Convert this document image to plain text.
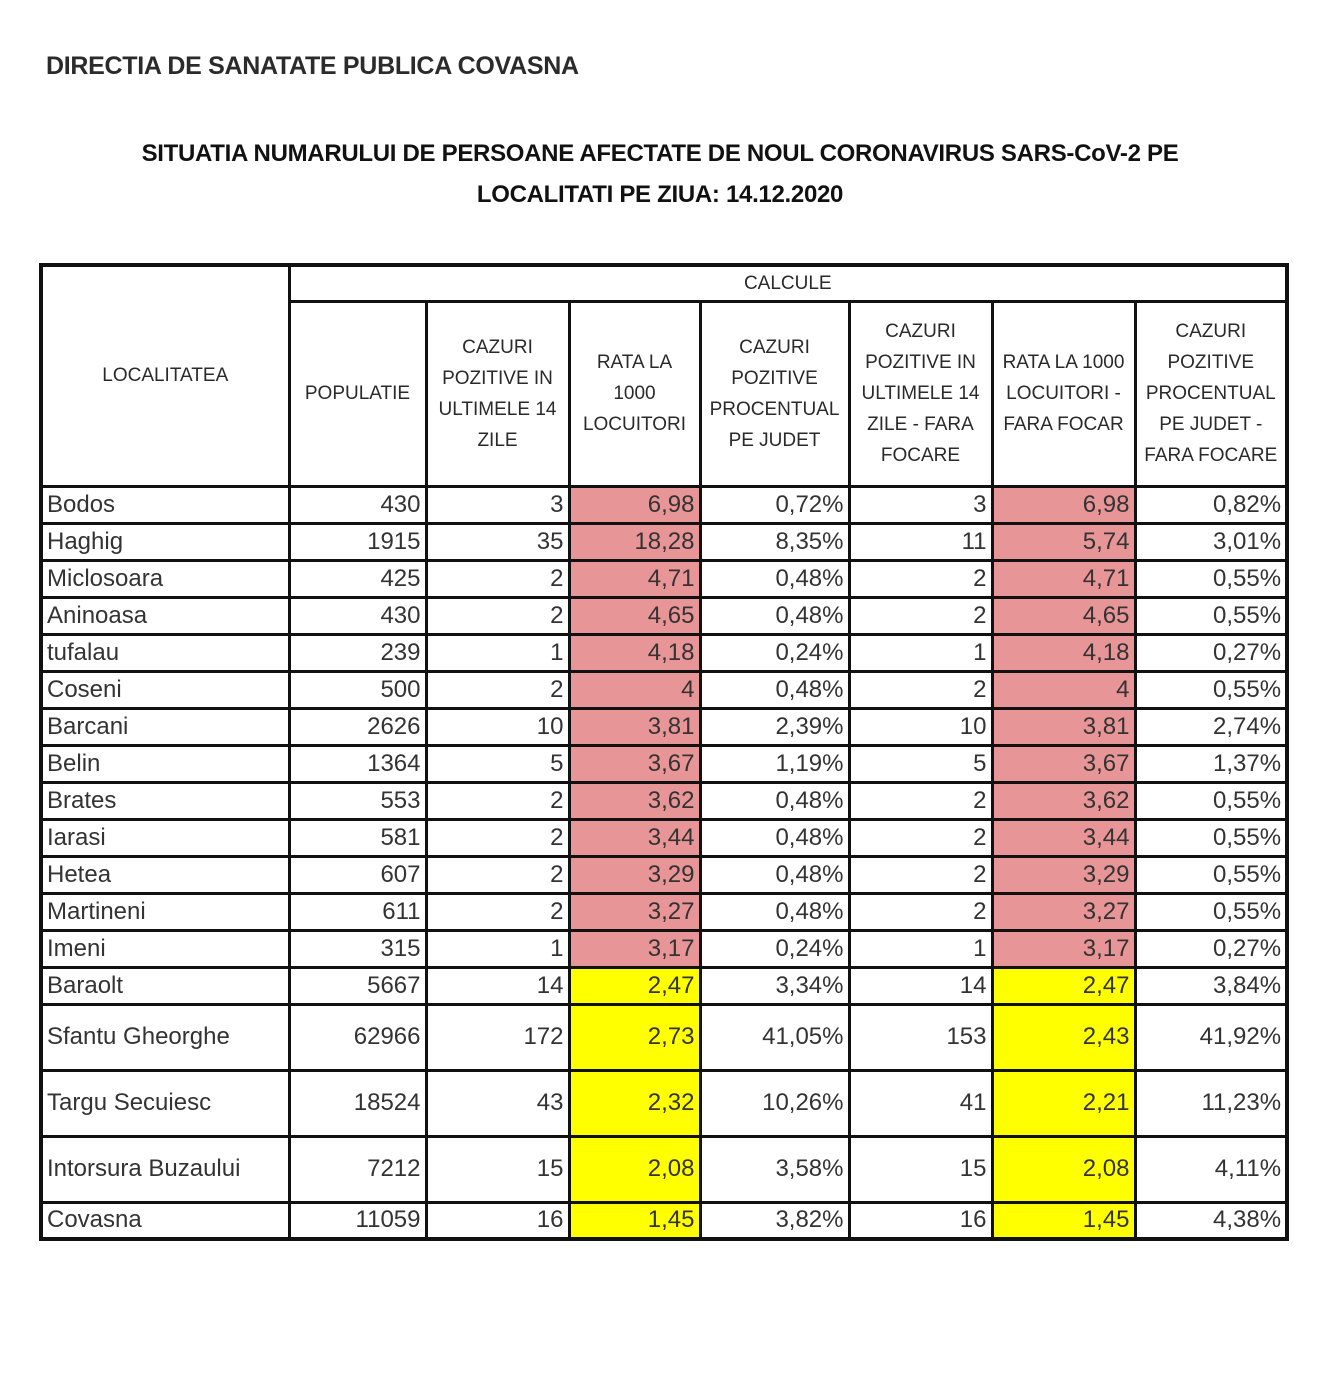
DIRECTIA DE SANATATE PUBLICA COVASNA
SITUATIA NUMARULUI DE PERSOANE AFECTATE DE NOUL CORONAVIRUS SARS-CoV-2 PE
LOCALITATI PE ZIUA: 14.12.2020
LOCALITATEA	CALCULE						
	POPULATIE	CAZURI POZITIVE IN ULTIMELE 14 ZILE	RATA LA 1000 LOCUITORI	CAZURI POZITIVE PROCENTUAL PE JUDET	CAZURI POZITIVE IN ULTIMELE 14 ZILE - FARA FOCARE	RATA LA 1000 LOCUITORI - FARA FOCAR	CAZURI POZITIVE PROCENTUAL PE JUDET - FARA FOCARE
Bodos	430	3	6,98	0,72%	3	6,98	0,82%
Haghig	1915	35	18,28	8,35%	11	5,74	3,01%
Miclosoara	425	2	4,71	0,48%	2	4,71	0,55%
Aninoasa	430	2	4,65	0,48%	2	4,65	0,55%
tufalau	239	1	4,18	0,24%	1	4,18	0,27%
Coseni	500	2	4	0,48%	2	4	0,55%
Barcani	2626	10	3,81	2,39%	10	3,81	2,74%
Belin	1364	5	3,67	1,19%	5	3,67	1,37%
Brates	553	2	3,62	0,48%	2	3,62	0,55%
Iarasi	581	2	3,44	0,48%	2	3,44	0,55%
Hetea	607	2	3,29	0,48%	2	3,29	0,55%
Martineni	611	2	3,27	0,48%	2	3,27	0,55%
Imeni	315	1	3,17	0,24%	1	3,17	0,27%
Baraolt	5667	14	2,47	3,34%	14	2,47	3,84%
Sfantu Gheorghe	62966	172	2,73	41,05%	153	2,43	41,92%
Targu Secuiesc	18524	43	2,32	10,26%	41	2,21	11,23%
Intorsura Buzaului	7212	15	2,08	3,58%	15	2,08	4,11%
Covasna	11059	16	1,45	3,82%	16	1,45	4,38%
